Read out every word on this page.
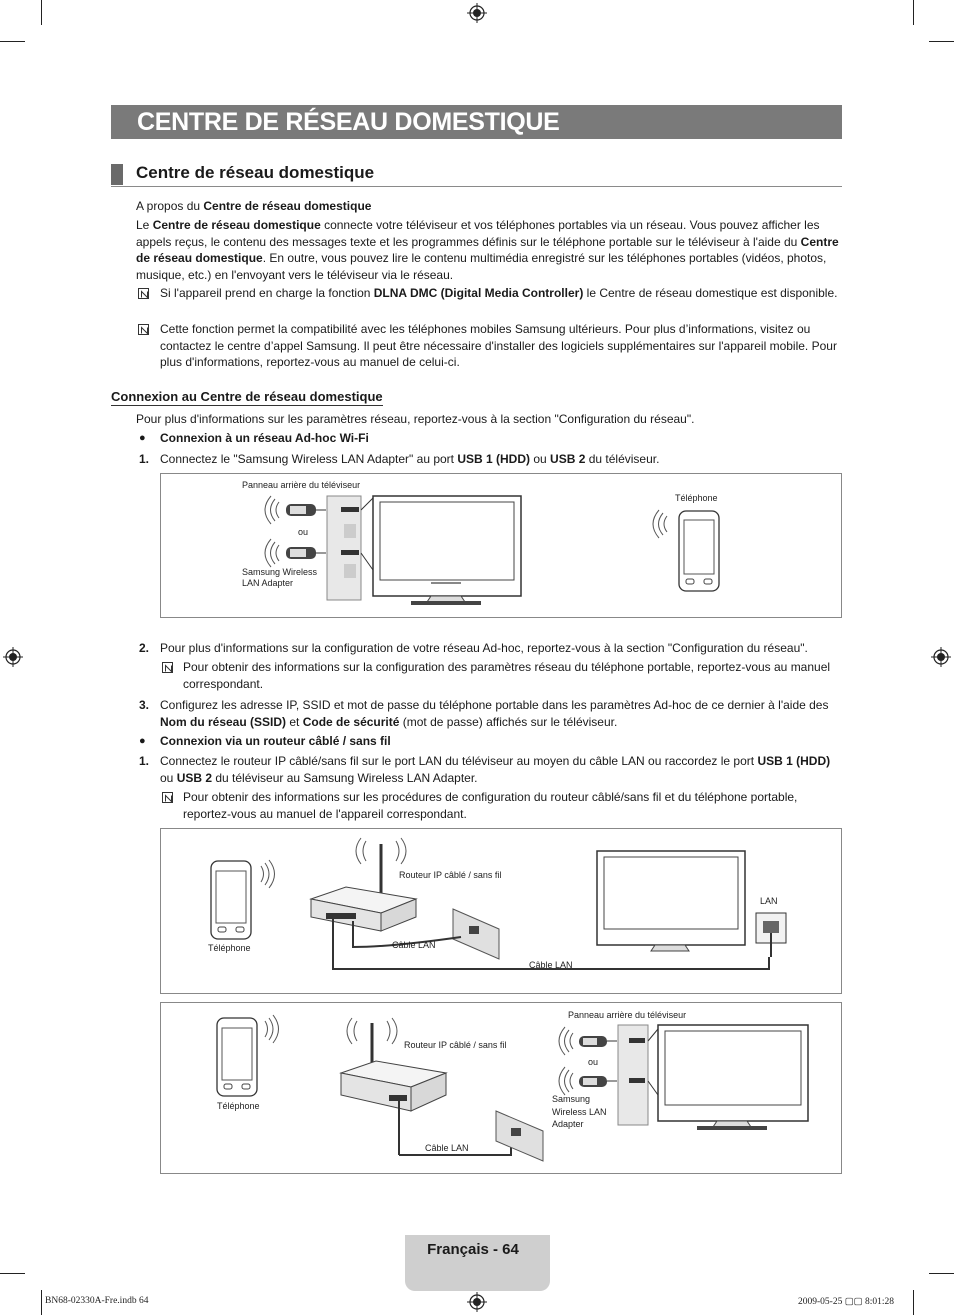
CENTRE DE RÉSEAU DOMESTIQUE
Centre de réseau domestique
A propos du Centre de réseau domestique
Le Centre de réseau domestique connecte votre téléviseur et vos téléphones portables via un réseau. Vous pouvez afficher les appels reçus, le contenu des messages texte et les programmes définis sur le téléphone portable sur le téléviseur à l'aide du Centre de réseau domestique. En outre, vous pouvez lire le contenu multimédia enregistré sur les téléphones portables (vidéos, photos, musique, etc.) en l'envoyant vers le téléviseur via le réseau.
Si l'appareil prend en charge la fonction DLNA DMC (Digital Media Controller) le Centre de réseau domestique est disponible.
Cette fonction permet la compatibilité avec les téléphones mobiles Samsung ultérieurs. Pour plus d’informations, visitez ou contactez le centre d’appel Samsung. Il peut être nécessaire d'installer des logiciels supplémentaires sur l'appareil mobile. Pour plus d'informations, reportez-vous au manuel de celui-ci.
Connexion au Centre de réseau domestique
Pour plus d'informations sur les paramètres réseau, reportez-vous à la section "Configuration du réseau".
● Connexion à un réseau Ad-hoc Wi-Fi
1. Connectez le "Samsung Wireless LAN Adapter" au port USB 1 (HDD) ou USB 2 du téléviseur.
Panneau arrière du téléviseur
ou
Samsung Wireless LAN Adapter
Téléphone
2. Pour plus d'informations sur la configuration de votre réseau Ad-hoc, reportez-vous à la section "Configuration du réseau".
Pour obtenir des informations sur la configuration des paramètres réseau du téléphone portable, reportez-vous au manuel correspondant.
3. Configurez les adresse IP, SSID et mot de passe du téléphone portable dans les paramètres Ad-hoc de ce dernier à l'aide des Nom du réseau (SSID) et Code de sécurité (mot de passe) affichés sur le téléviseur.
● Connexion via un routeur câblé / sans fil
1. Connectez le routeur IP câblé/sans fil sur le port LAN du téléviseur au moyen du câble LAN ou raccordez le port USB 1 (HDD) ou USB 2 du téléviseur au Samsung Wireless LAN Adapter.
Pour obtenir des informations sur les procédures de configuration du routeur câblé/sans fil et du téléphone portable, reportez-vous au manuel de l'appareil correspondant.
Routeur IP câblé / sans fil
Câble LAN
Câble LAN
LAN
Téléphone
Routeur IP câblé / sans fil
Panneau arrière du téléviseur
ou
Samsung Wireless LAN Adapter
Câble LAN
Téléphone
Français - 64
BN68-02330A-Fre.indb 64	2009-05-25 ▢▢ 8:01:28
